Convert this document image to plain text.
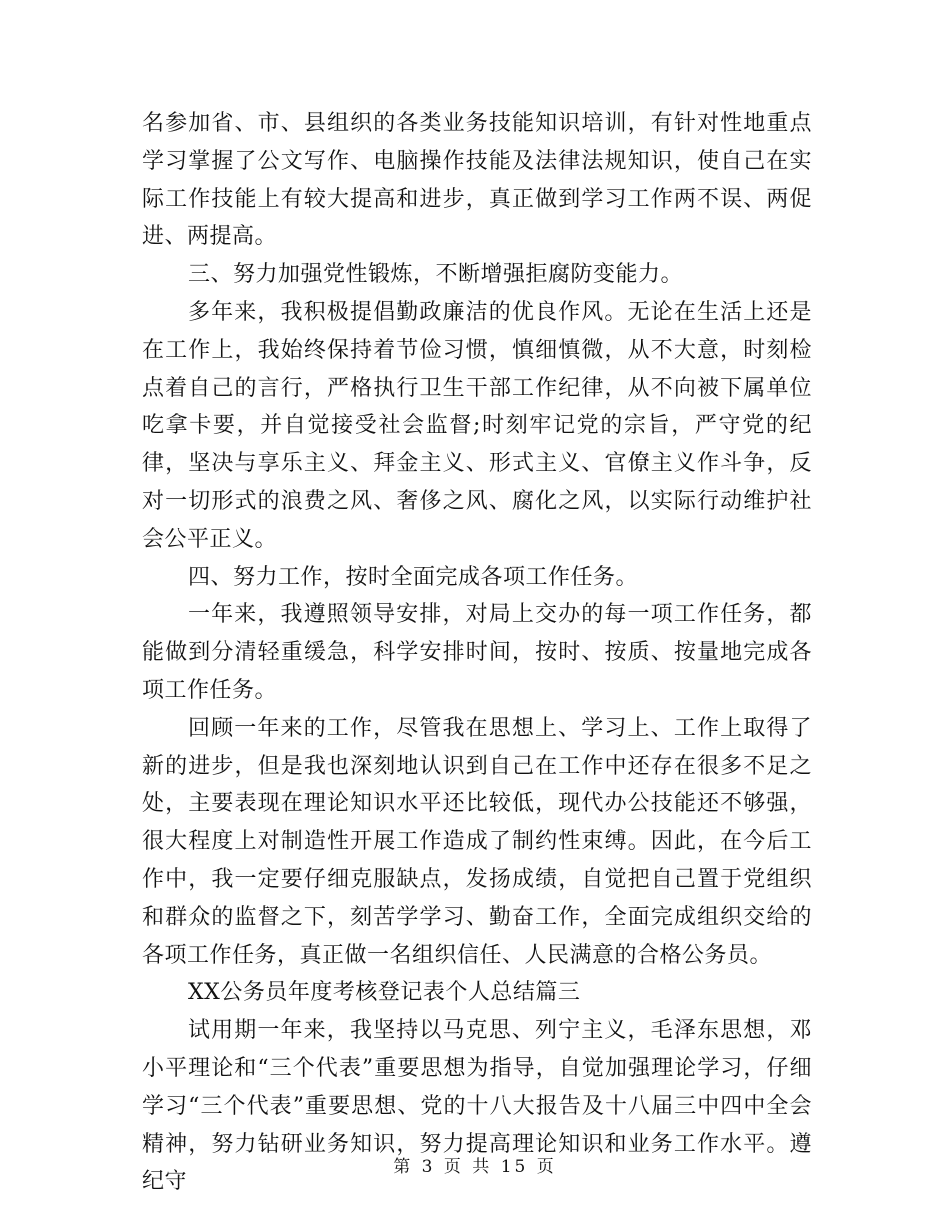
名参加省、市、县组织的各类业务技能知识培训，有针对性地重点学习掌握了公文写作、电脑操作技能及法律法规知识，使自己在实际工作技能上有较大提高和进步，真正做到学习工作两不误、两促进、两提高。

三、努力加强党性锻炼，不断增强拒腐防变能力。

多年来，我积极提倡勤政廉洁的优良作风。无论在生活上还是在工作上，我始终保持着节俭习惯，慎细慎微，从不大意，时刻检点着自己的言行，严格执行卫生干部工作纪律，从不向被下属单位吃拿卡要，并自觉接受社会监督;时刻牢记党的宗旨，严守党的纪律，坚决与享乐主义、拜金主义、形式主义、官僚主义作斗争，反对一切形式的浪费之风、奢侈之风、腐化之风，以实际行动维护社会公平正义。

四、努力工作，按时全面完成各项工作任务。

一年来，我遵照领导安排，对局上交办的每一项工作任务，都能做到分清轻重缓急，科学安排时间，按时、按质、按量地完成各项工作任务。

回顾一年来的工作，尽管我在思想上、学习上、工作上取得了新的进步，但是我也深刻地认识到自己在工作中还存在很多不足之处，主要表现在理论知识水平还比较低，现代办公技能还不够强，很大程度上对制造性开展工作造成了制约性束缚。因此，在今后工作中，我一定要仔细克服缺点，发扬成绩，自觉把自己置于党组织和群众的监督之下，刻苦学学习、勤奋工作，全面完成组织交给的各项工作任务，真正做一名组织信任、人民满意的合格公务员。

XX公务员年度考核登记表个人总结篇三

试用期一年来，我坚持以马克思、列宁主义，毛泽东思想，邓小平理论和“三个代表”重要思想为指导，自觉加强理论学习，仔细学习“三个代表”重要思想、党的十八大报告及十八届三中四中全会精神，努力钻研业务知识，努力提高理论知识和业务工作水平。遵纪守

第 3 页 共 15 页
